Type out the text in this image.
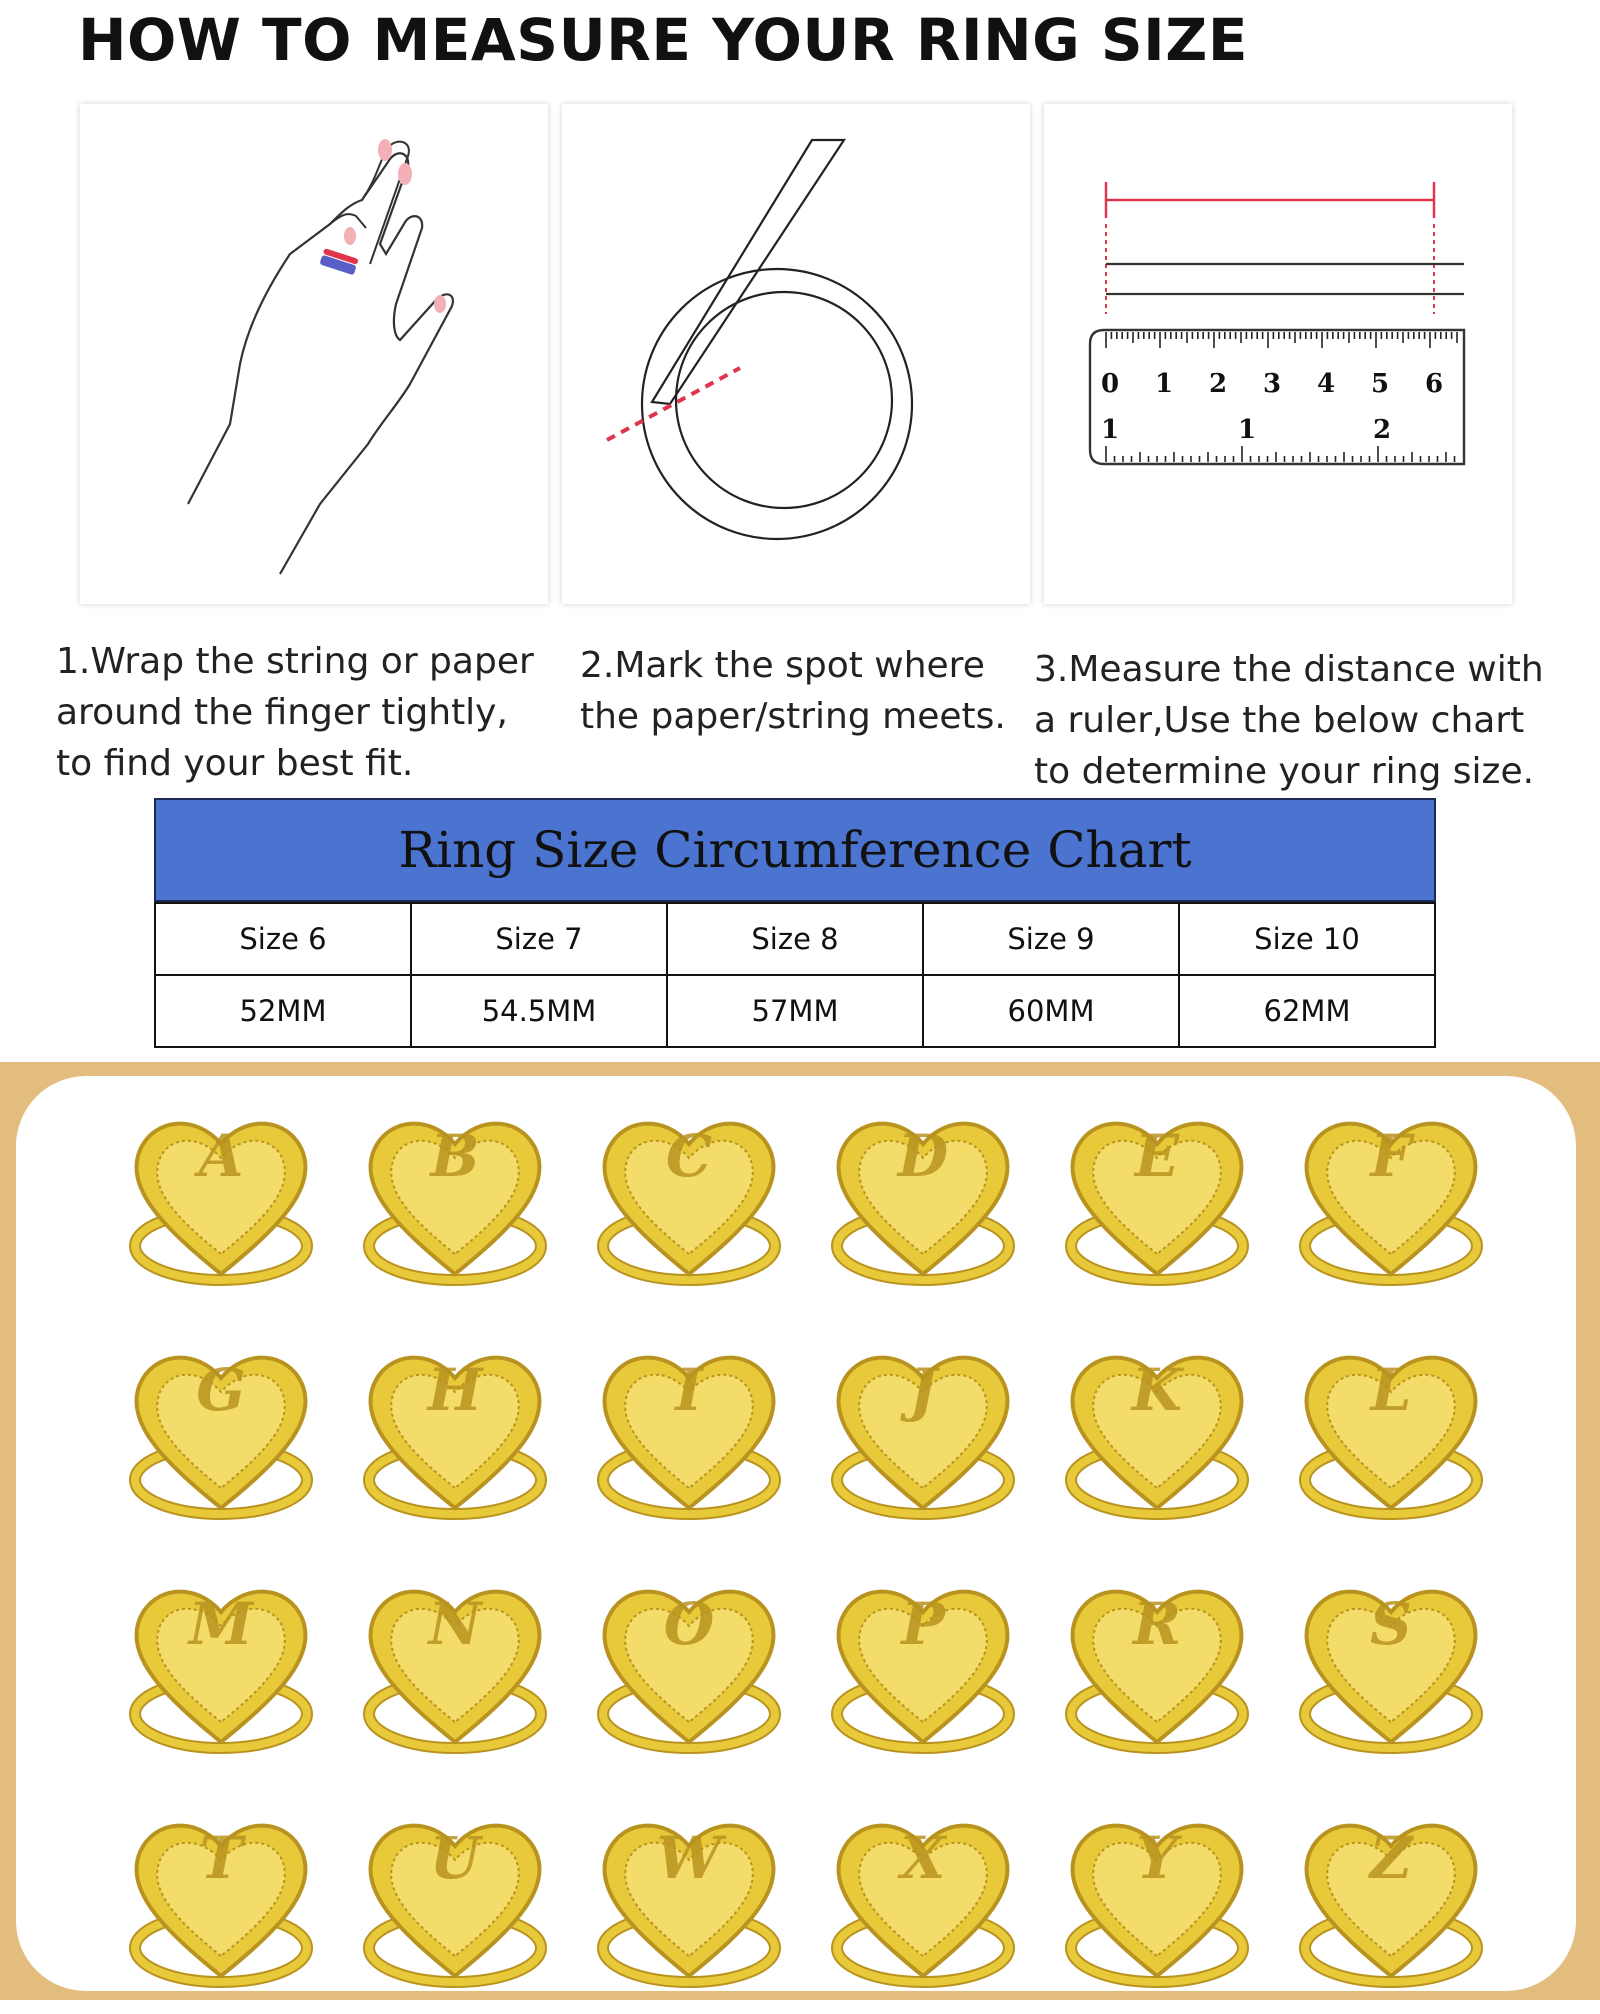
HOW TO MEASURE YOUR RING SIZE
0 1 2 3 4 5 6
1	1	2
1.Wrap the string or paper
around the finger tightly,
to find your best fit.
2.Mark the spot where
the paper/string meets.
3.Measure the distance with
a ruler,Use the below chart
to determine your ring size.
Ring Size Circumference Chart
Size 6	Size 7	Size 8	Size 9	Size 10
52MM	54.5MM	57MM	60MM	62MM
A	B	C	D	E	F
G	H	I	J	K	L
M	N	O	P	R	S
T	U	W	X	Y	Z
